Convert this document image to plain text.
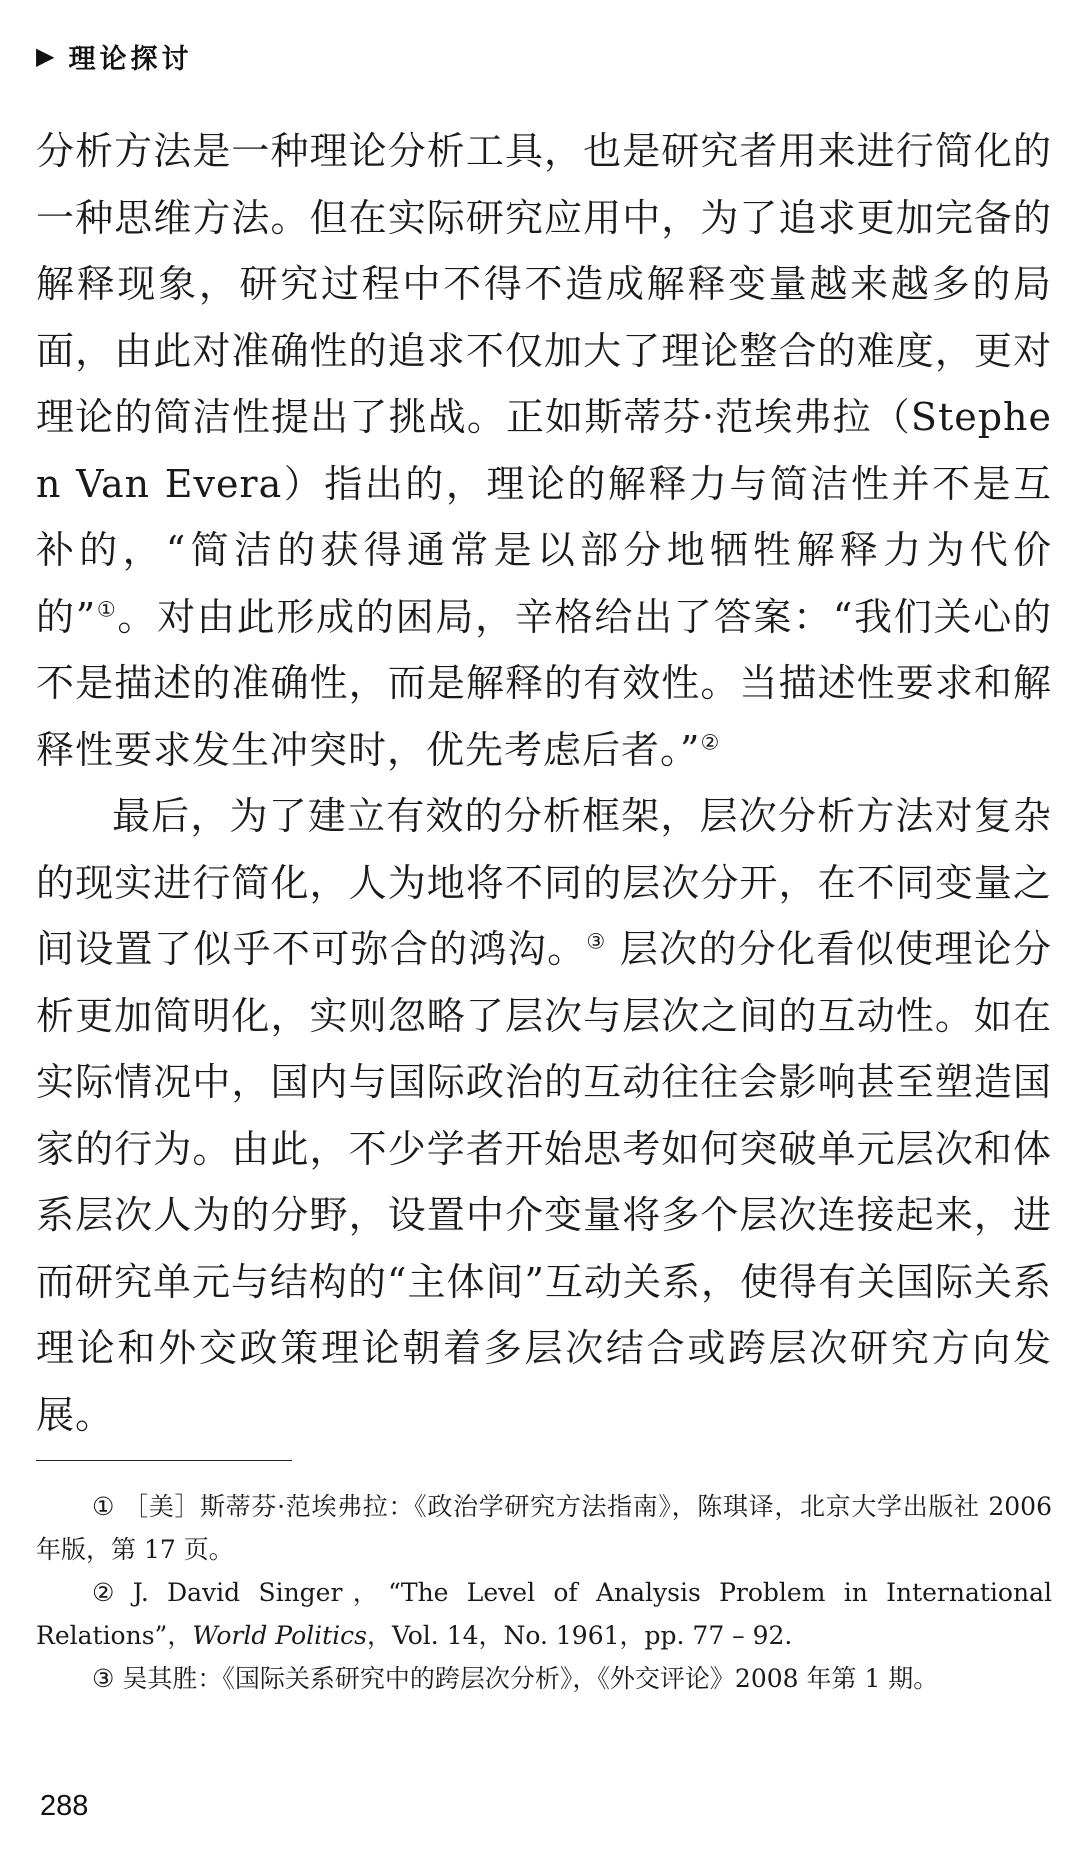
▶ 理论探讨

分析方法是一种理论分析工具，也是研究者用来进行简化的一种思维方法。但在实际研究应用中，为了追求更加完备的解释现象，研究过程中不得不造成解释变量越来越多的局面，由此对准确性的追求不仅加大了理论整合的难度，更对理论的简洁性提出了挑战。正如斯蒂芬·范埃弗拉（Stephen Van Evera）指出的，理论的解释力与简洁性并不是互补的，“简洁的获得通常是以部分地牺牲解释力为代价的”①。对由此形成的困局，辛格给出了答案：“我们关心的不是描述的准确性，而是解释的有效性。当描述性要求和解释性要求发生冲突时，优先考虑后者。”②

最后，为了建立有效的分析框架，层次分析方法对复杂的现实进行简化，人为地将不同的层次分开，在不同变量之间设置了似乎不可弥合的鸿沟。③ 层次的分化看似使理论分析更加简明化，实则忽略了层次与层次之间的互动性。如在实际情况中，国内与国际政治的互动往往会影响甚至塑造国家的行为。由此，不少学者开始思考如何突破单元层次和体系层次人为的分野，设置中介变量将多个层次连接起来，进而研究单元与结构的“主体间”互动关系，使得有关国际关系理论和外交政策理论朝着多层次结合或跨层次研究方向发展。

① ［美］斯蒂芬·范埃弗拉：《政治学研究方法指南》，陈琪译，北京大学出版社 2006 年版，第 17 页。

② J. David Singer，“The Level of Analysis Problem in International Relations”，World Politics，Vol. 14，No. 1961，pp. 77 – 92.

③ 吴其胜：《国际关系研究中的跨层次分析》，《外交评论》2008 年第 1 期。

288
